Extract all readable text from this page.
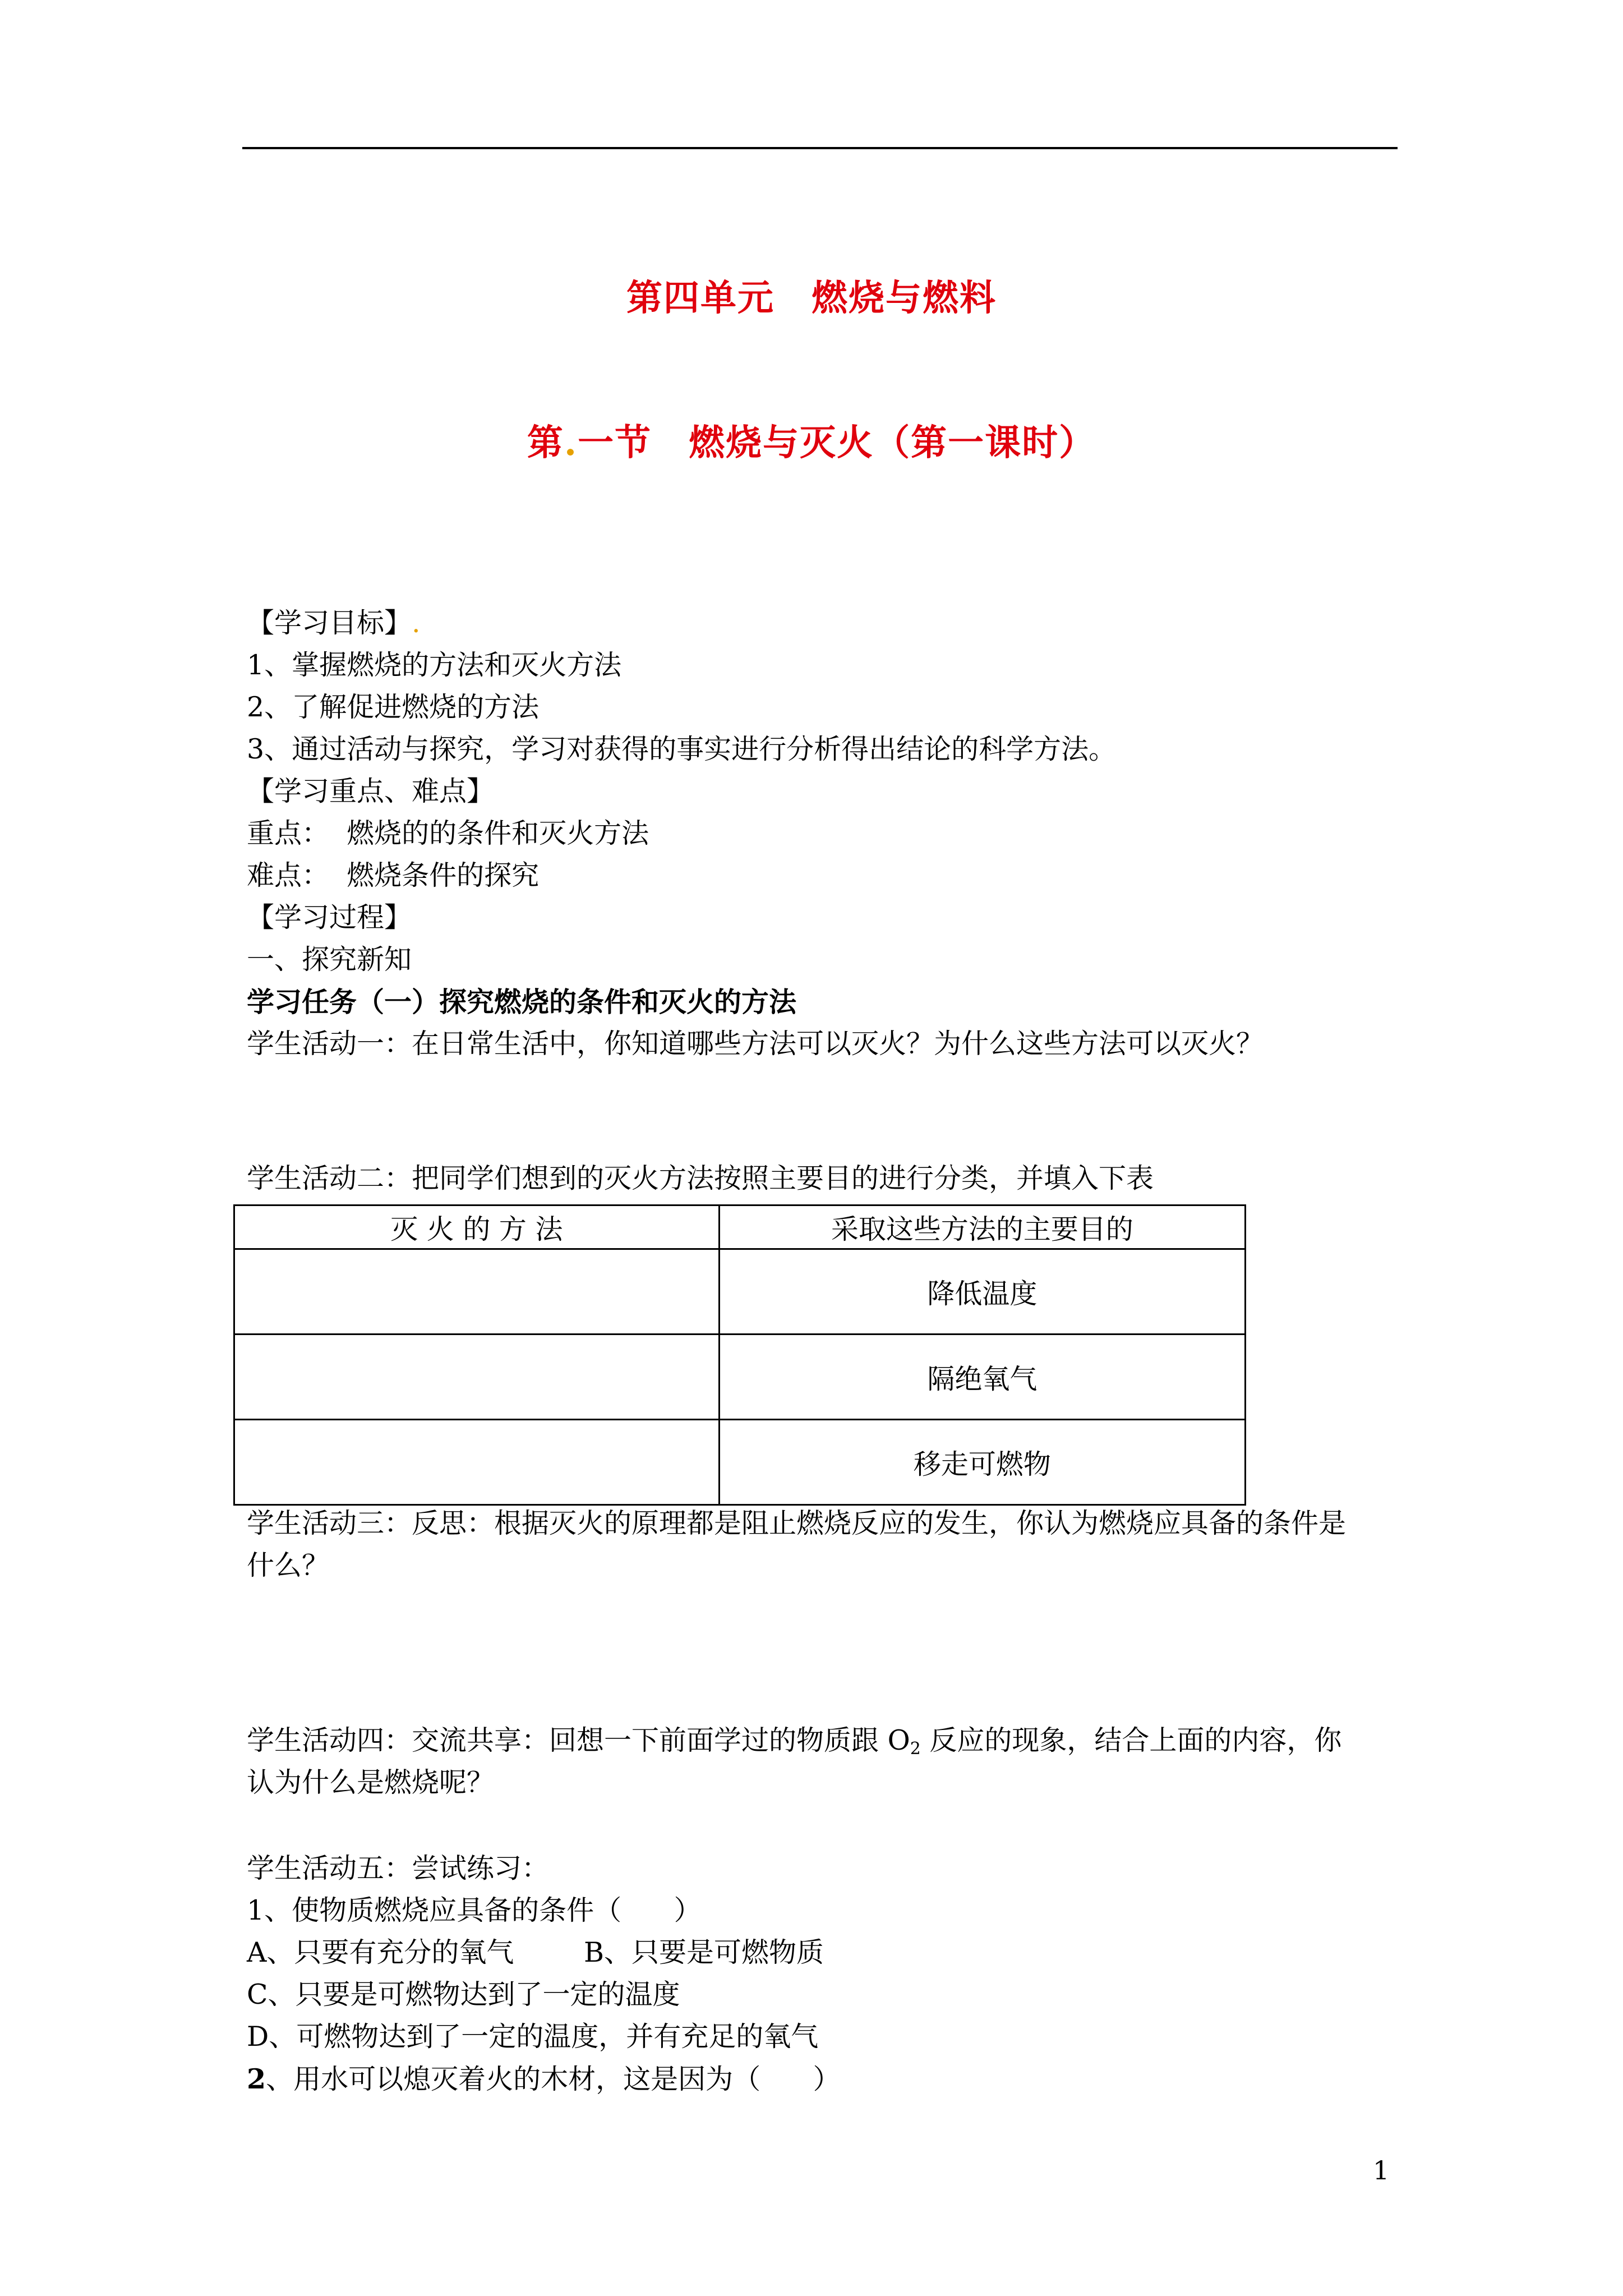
第四单元　燃烧与燃料
第.一节　燃烧与灭火（第一课时）
【学习目标】.
1、掌握燃烧的方法和灭火方法
2、了解促进燃烧的方法
3、通过活动与探究，学习对获得的事实进行分析得出结论的科学方法。
【学习重点、难点】
重点：  燃烧的的条件和灭火方法
难点：  燃烧条件的探究
【学习过程】
一、探究新知
学习任务（一）探究燃烧的条件和灭火的方法
学生活动一：在日常生活中，你知道哪些方法可以灭火？为什么这些方法可以灭火？
学生活动二：把同学们想到的灭火方法按照主要目的进行分类，并填入下表
灭 火 的 方 法	采取这些方法的主要目的
	降低温度
	隔绝氧气
	移走可燃物
学生活动三：反思：根据灭火的原理都是阻止燃烧反应的发生，你认为燃烧应具备的条件是
什么？
学生活动四：交流共享：回想一下前面学过的物质跟 $O_2$ 反应的现象，结合上面的内容，你
认为什么是燃烧呢？
学生活动五：尝试练习：
1、使物质燃烧应具备的条件（      ）
A、只要有充分的氧气        B、只要是可燃物质
C、只要是可燃物达到了一定的温度
D、可燃物达到了一定的温度，并有充足的氧气
2、用水可以熄灭着火的木材，这是因为（      ）
1
